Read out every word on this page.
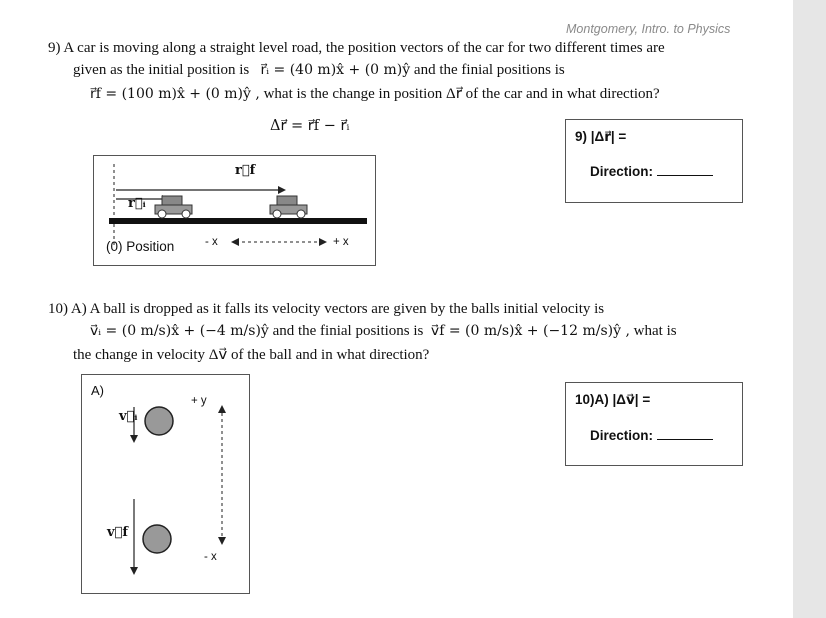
Montgomery, Intro. to Physics
9) A car is moving along a straight level road, the position vectors of the car for two different times are
given as the initial position is r⃗ᵢ = (40 m)x̂ + (0 m)ŷ and the finial positions is
r⃗f = (100 m)x̂ + (0 m)ŷ , what is the change in position Δr⃗ of the car and in what direction?
Δr⃗ = r⃗f − r⃗ᵢ
r⃗f
r⃗ᵢ
(0) Position	- x	+ x
9) |Δr⃗| =
Direction:
10) A) A ball is dropped as it falls its velocity vectors are given by the balls initial velocity is
v⃗ᵢ = (0 m/s)x̂ + (−4 m/s)ŷ and the finial positions is v⃗f = (0 m/s)x̂ + (−12 m/s)ŷ , what is
the change in velocity Δv⃗ of the ball and in what direction?
A)
v⃗ᵢ
v⃗f
+ y
- x
10)A) |Δv⃗| =
Direction:
